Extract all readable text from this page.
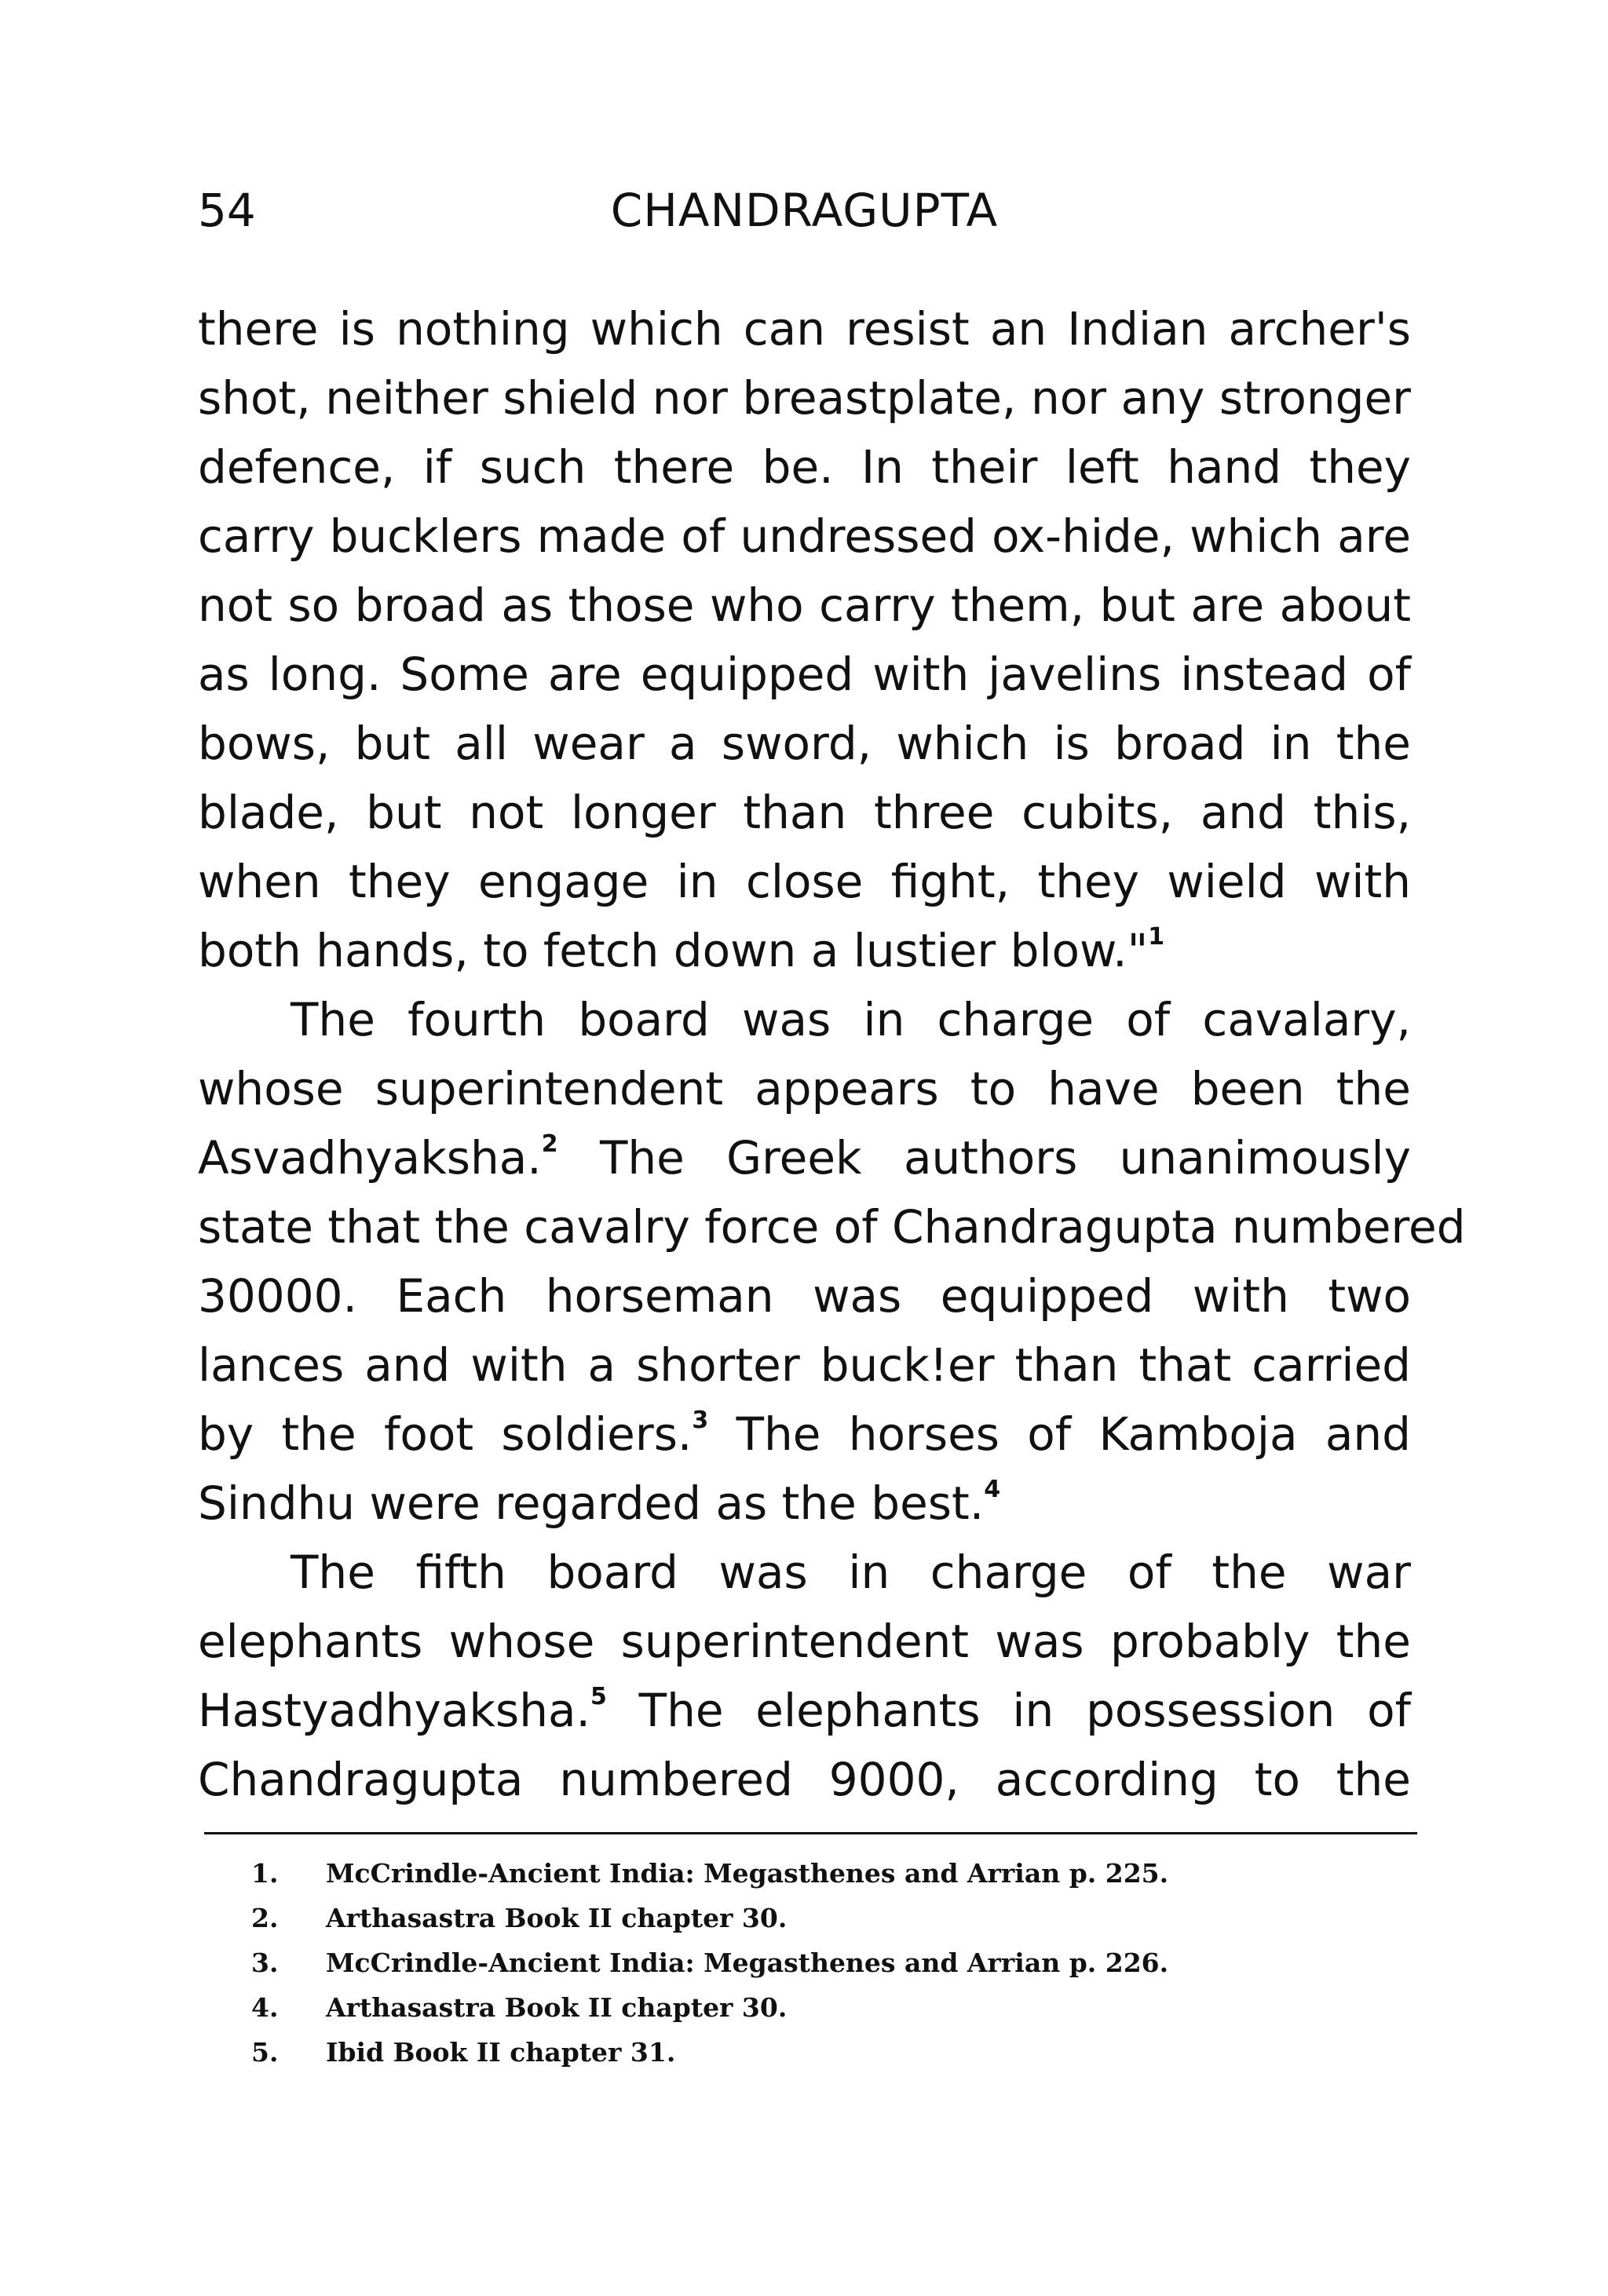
54	CHANDRAGUPTA
there is nothing which can resist an Indian archer's
shot, neither shield nor breastplate, nor any stronger
defence, if such there be. In their left hand they
carry bucklers made of undressed ox-hide, which are
not so broad as those who carry them, but are about
as long. Some are equipped with javelins instead of
bows, but all wear a sword, which is broad in the
blade, but not longer than three cubits, and this,
when they engage in close fight, they wield with
both hands, to fetch down a lustier blow."$^1$
The fourth board was in charge of cavalary,
whose superintendent appears to have been the
Asvadhyaksha.$^2$ The Greek authors unanimously
state that the cavalry force of Chandragupta numbered
30000. Each horseman was equipped with two
lances and with a shorter buck!er than that carried
by the foot soldiers.$^3$ The horses of Kamboja and
Sindhu were regarded as the best.$^4$
The fifth board was in charge of the war
elephants whose superintendent was probably the
Hastyadhyaksha.$^5$ The elephants in possession of
Chandragupta numbered 9000, according to the
1. McCrindle-Ancient India: Megasthenes and Arrian p. 225.
2. Arthasastra Book II chapter 30.
3. McCrindle-Ancient India: Megasthenes and Arrian p. 226.
4. Arthasastra Book II chapter 30.
5. Ibid Book II chapter 31.
